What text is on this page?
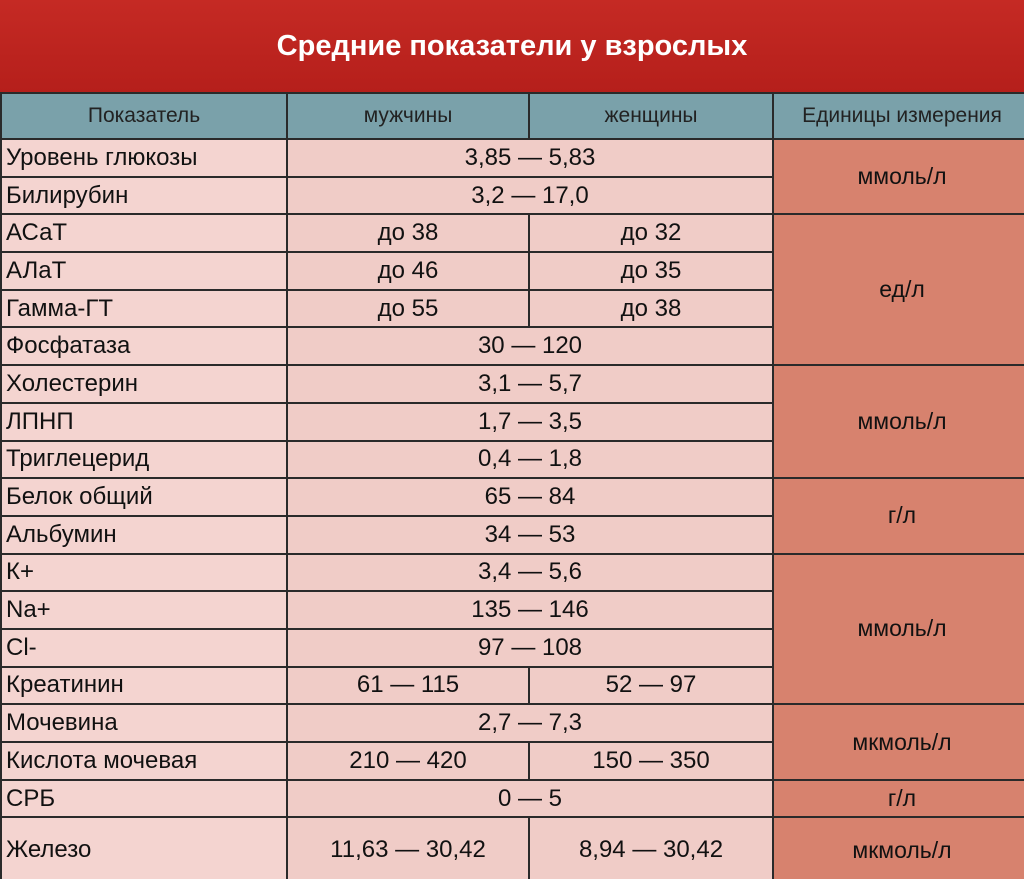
Средние показатели у взрослых
Показатель	мужчины	женщины	Единицы измерения
Уровень глюкозы	3,85 — 5,83		ммоль/л
Билирубин	3,2 — 17,0		
АСаТ	до 38	до 32	ед/л
АЛаТ	до 46	до 35	
Гамма-ГТ	до 55	до 38	
Фосфатаза	30 — 120		
Холестерин	3,1 — 5,7		ммоль/л
ЛПНП	1,7 — 3,5		
Триглецерид	0,4 — 1,8		
Белок общий	65 — 84		г/л
Альбумин	34 — 53		
К+	3,4 — 5,6		ммоль/л
Na+	135 — 146		
Cl-	97 — 108		
Креатинин	61 — 115	52 — 97	
Мочевина	2,7 — 7,3		мкмоль/л
Кислота мочевая	210 — 420	150 — 350	
СРБ	0 — 5		г/л
Железо	11,63 — 30,42	8,94 — 30,42	мкмоль/л
